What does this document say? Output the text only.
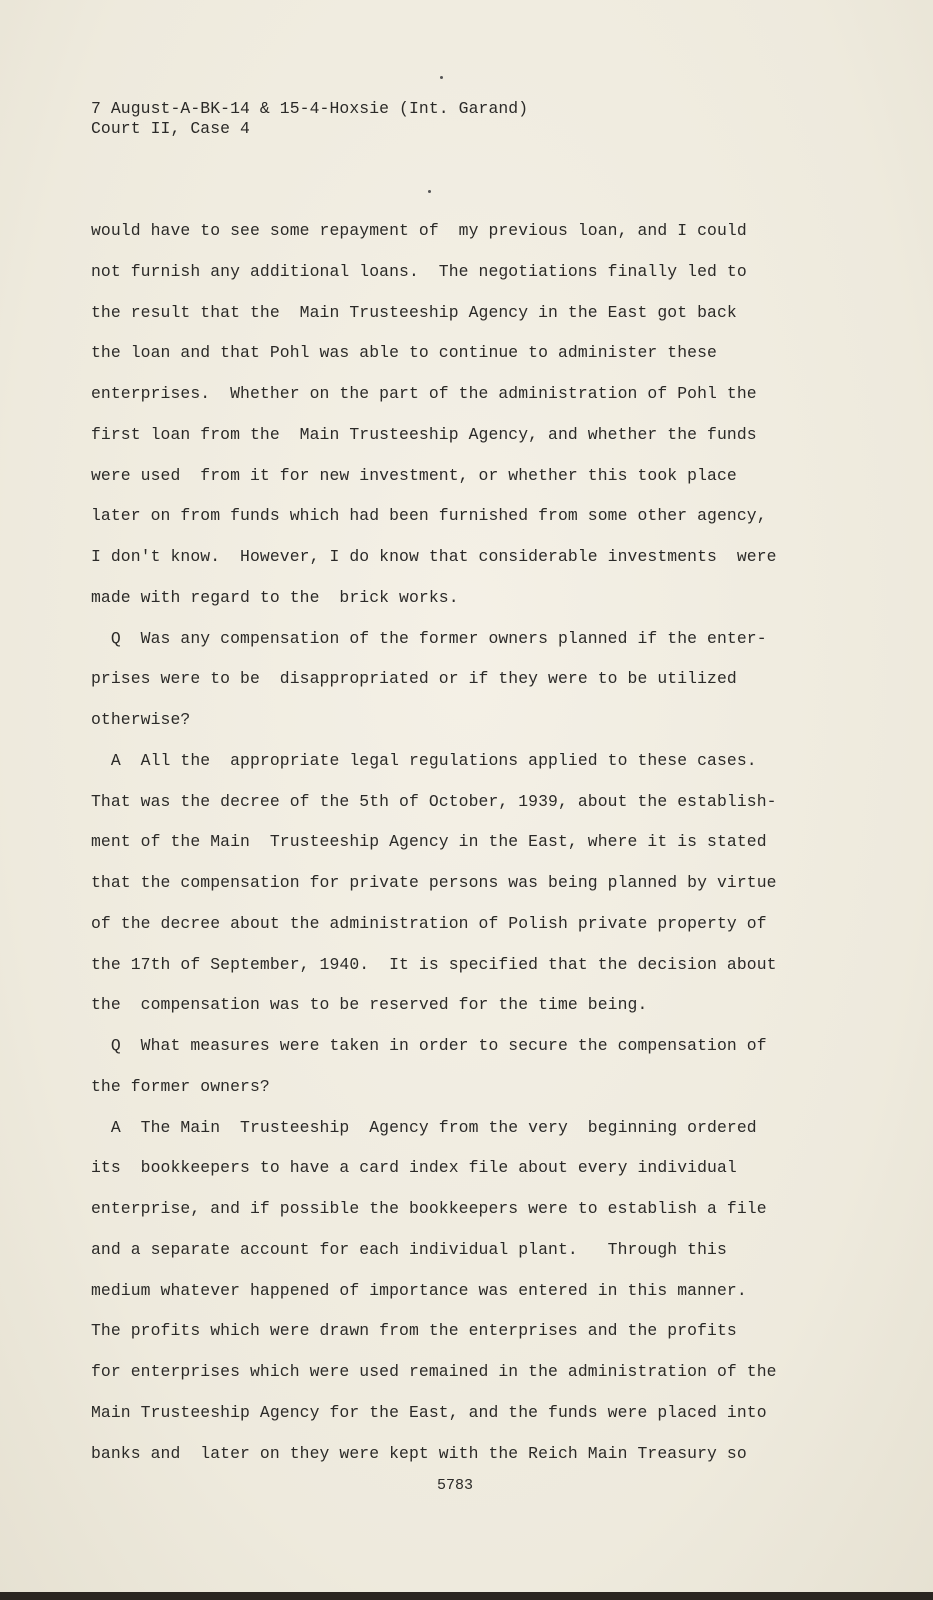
7 August-A-BK-14 & 15-4-Hoxsie (Int. Garand)
Court II, Case 4
would have to see some repayment of  my previous loan, and I could
not furnish any additional loans.  The negotiations finally led to
the result that the  Main Trusteeship Agency in the East got back
the loan and that Pohl was able to continue to administer these
enterprises.  Whether on the part of the administration of Pohl the
first loan from the  Main Trusteeship Agency, and whether the funds
were used  from it for new investment, or whether this took place
later on from funds which had been furnished from some other agency,
I don't know.  However, I do know that considerable investments  were
made with regard to the  brick works.
Q  Was any compensation of the former owners planned if the enter-
prises were to be  disappropriated or if they were to be utilized
otherwise?
A  All the  appropriate legal regulations applied to these cases.
That was the decree of the 5th of October, 1939, about the establish-
ment of the Main  Trusteeship Agency in the East, where it is stated
that the compensation for private persons was being planned by virtue
of the decree about the administration of Polish private property of
the 17th of September, 1940.  It is specified that the decision about
the  compensation was to be reserved for the time being.
Q  What measures were taken in order to secure the compensation of
the former owners?
A  The Main  Trusteeship  Agency from the very  beginning ordered
its  bookkeepers to have a card index file about every individual
enterprise, and if possible the bookkeepers were to establish a file
and a separate account for each individual plant.   Through this
medium whatever happened of importance was entered in this manner.
The profits which were drawn from the enterprises and the profits
for enterprises which were used remained in the administration of the
Main Trusteeship Agency for the East, and the funds were placed into
banks and  later on they were kept with the Reich Main Treasury so
5783
